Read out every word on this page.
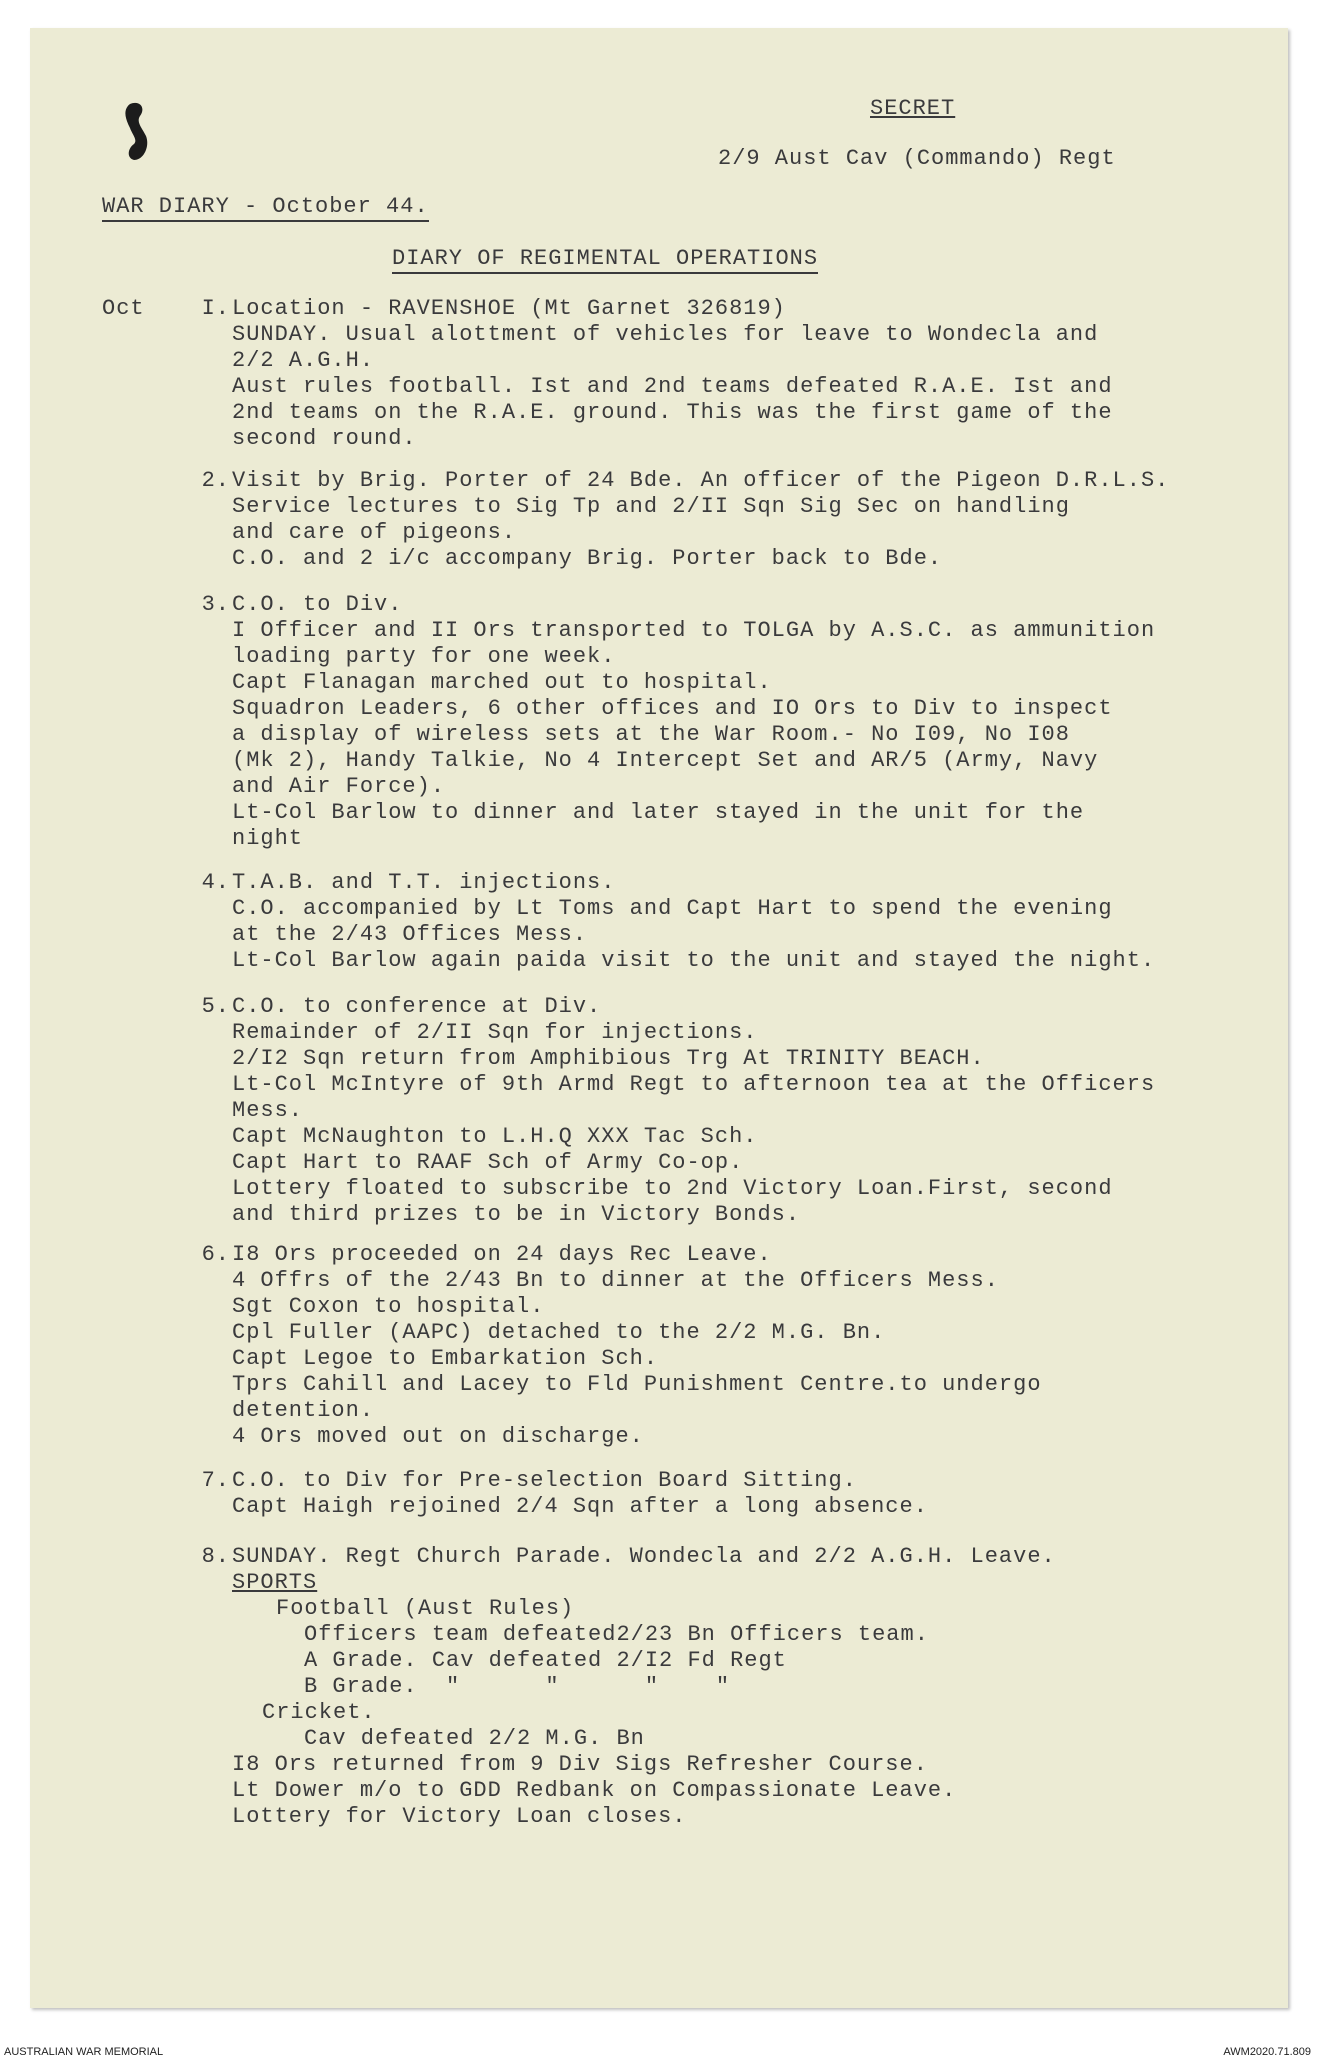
SECRET
2/9 Aust Cav (Commando) Regt
WAR DIARY - October 44.
DIARY OF REGIMENTAL OPERATIONS
Oct	I. Location - RAVENSHOE (Mt Garnet 326819)
SUNDAY. Usual alottment of vehicles for leave to Wondecla and
2/2 A.G.H.
Aust rules football. Ist and 2nd teams defeated R.A.E. Ist and
2nd teams on the R.A.E. ground. This was the first game of the
second round.
2. Visit by Brig. Porter of 24 Bde. An officer of the Pigeon D.R.L.S.
Service lectures to Sig Tp and 2/II Sqn Sig Sec on handling
and care of pigeons.
C.O. and 2 i/c accompany Brig. Porter back to Bde.
3. C.O. to Div.
I Officer and II Ors transported to TOLGA by A.S.C. as ammunition
loading party for one week.
Capt Flanagan marched out to hospital.
Squadron Leaders, 6 other offices and IO Ors to Div to inspect
a display of wireless sets at the War Room.- No I09, No I08
(Mk 2), Handy Talkie, No 4 Intercept Set and AR/5 (Army, Navy
and Air Force).
Lt-Col Barlow to dinner and later stayed in the unit for the
night
4. T.A.B. and T.T. injections.
C.O. accompanied by Lt Toms and Capt Hart to spend the evening
at the 2/43 Offices Mess.
Lt-Col Barlow again paida visit to the unit and stayed the night.
5. C.O. to conference at Div.
Remainder of 2/II Sqn for injections.
2/I2 Sqn return from Amphibious Trg At TRINITY BEACH.
Lt-Col McIntyre of 9th Armd Regt to afternoon tea at the Officers
Mess.
Capt McNaughton to L.H.Q XXX Tac Sch.
Capt Hart to RAAF Sch of Army Co-op.
Lottery floated to subscribe to 2nd Victory Loan.First, second
and third prizes to be in Victory Bonds.
6. I8 Ors proceeded on 24 days Rec Leave.
4 Offrs of the 2/43 Bn to dinner at the Officers Mess.
Sgt Coxon to hospital.
Cpl Fuller (AAPC) detached to the 2/2 M.G. Bn.
Capt Legoe to Embarkation Sch.
Tprs Cahill and Lacey to Fld Punishment Centre.to undergo
detention.
4 Ors moved out on discharge.
7. C.O. to Div for Pre-selection Board Sitting.
Capt Haigh rejoined 2/4 Sqn after a long absence.
8. SUNDAY. Regt Church Parade. Wondecla and 2/2 A.G.H. Leave.
SPORTS
Football (Aust Rules)
Officers team defeated2/23 Bn Officers team.
A Grade. Cav defeated 2/I2 Fd Regt
B Grade.  "      "      "    "
Cricket.
Cav defeated 2/2 M.G. Bn
I8 Ors returned from 9 Div Sigs Refresher Course.
Lt Dower m/o to GDD Redbank on Compassionate Leave.
Lottery for Victory Loan closes.
AUSTRALIAN WAR MEMORIAL	AWM2020.71.809
